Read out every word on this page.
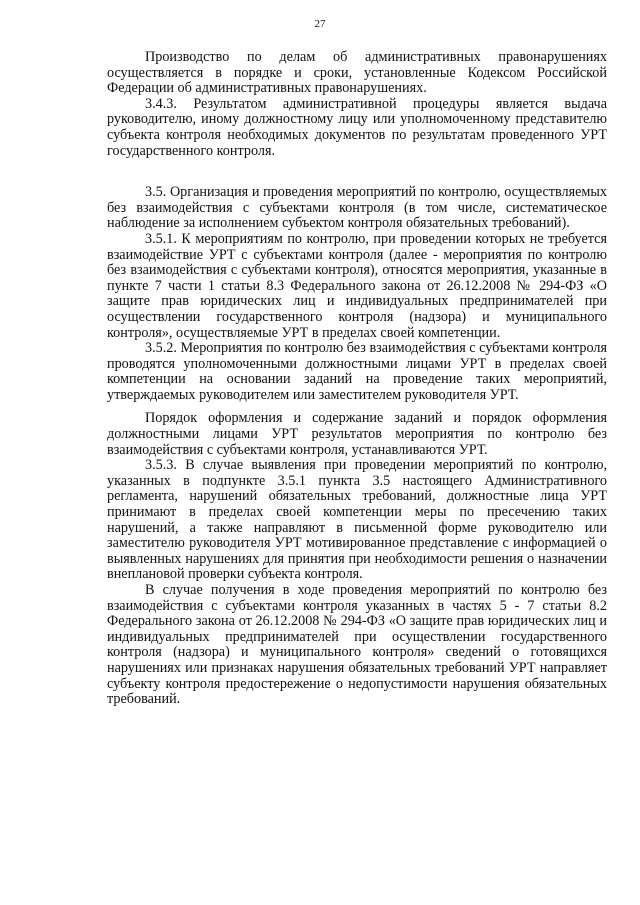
27

Производство по делам об административных правонарушениях осуществляется в порядке и сроки, установленные Кодексом Российской Федерации об административных правонарушениях.

3.4.3. Результатом административной процедуры является выдача руководителю, иному должностному лицу или уполномоченному представителю субъекта контроля необходимых документов по результатам проведенного УРТ государственного контроля.

3.5. Организация и проведения мероприятий по контролю, осуществляемых без взаимодействия с субъектами контроля (в том числе, систематическое наблюдение за исполнением субъектом контроля обязательных требований).

3.5.1. К мероприятиям по контролю, при проведении которых не требуется взаимодействие УРТ с субъектами контроля (далее - мероприятия по контролю без взаимодействия с субъектами контроля), относятся мероприятия, указанные в пункте 7 части 1 статьи 8.3 Федерального закона от 26.12.2008 № 294-ФЗ «О защите прав юридических лиц и индивидуальных предпринимателей при осуществлении государственного контроля (надзора) и муниципального контроля», осуществляемые УРТ в пределах своей компетенции.

3.5.2. Мероприятия по контролю без взаимодействия с субъектами контроля проводятся уполномоченными должностными лицами УРТ в пределах своей компетенции на основании заданий на проведение таких мероприятий, утверждаемых руководителем или заместителем руководителя УРТ.

Порядок оформления и содержание заданий и порядок оформления должностными лицами УРТ результатов мероприятия по контролю без взаимодействия с субъектами контроля, устанавливаются УРТ.

3.5.3. В случае выявления при проведении мероприятий по контролю, указанных в подпункте 3.5.1 пункта 3.5 настоящего Административного регламента, нарушений обязательных требований, должностные лица УРТ принимают в пределах своей компетенции меры по пресечению таких нарушений, а также направляют в письменной форме руководителю или заместителю руководителя УРТ мотивированное представление с информацией о выявленных нарушениях для принятия при необходимости решения о назначении внеплановой проверки субъекта контроля.

В случае получения в ходе проведения мероприятий по контролю без взаимодействия с субъектами контроля указанных в частях 5 - 7 статьи 8.2 Федерального закона от 26.12.2008 № 294-ФЗ «О защите прав юридических лиц и индивидуальных предпринимателей при осуществлении государственного контроля (надзора) и муниципального контроля» сведений о готовящихся нарушениях или признаках нарушения обязательных требований УРТ направляет субъекту контроля предостережение о недопустимости нарушения обязательных требований.
